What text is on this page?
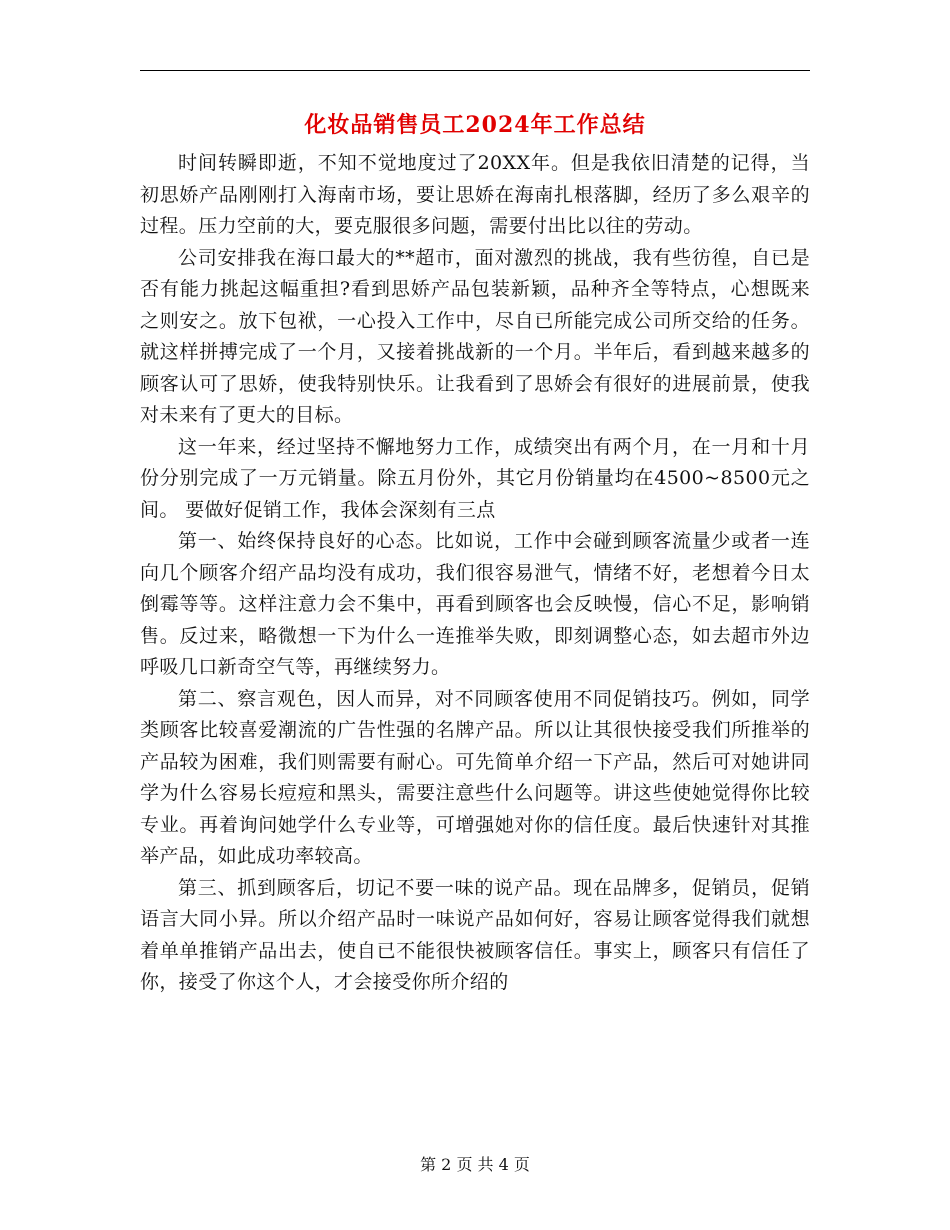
化妆品销售员工2024年工作总结

时间转瞬即逝，不知不觉地度过了20XX年。但是我依旧清楚的记得，当初思娇产品刚刚打入海南市场，要让思娇在海南扎根落脚，经历了多么艰辛的过程。压力空前的大，要克服很多问题，需要付出比以往的劳动。

公司安排我在海口最大的**超市，面对激烈的挑战，我有些彷徨，自已是否有能力挑起这幅重担?看到思娇产品包装新颖，品种齐全等特点，心想既来之则安之。放下包袱，一心投入工作中，尽自已所能完成公司所交给的任务。就这样拼搏完成了一个月，又接着挑战新的一个月。半年后，看到越来越多的顾客认可了思娇，使我特别快乐。让我看到了思娇会有很好的进展前景，使我对未来有了更大的目标。

这一年来，经过坚持不懈地努力工作，成绩突出有两个月，在一月和十月份分别完成了一万元销量。除五月份外，其它月份销量均在4500~8500元之间。 要做好促销工作，我体会深刻有三点

第一、始终保持良好的心态。比如说，工作中会碰到顾客流量少或者一连向几个顾客介绍产品均没有成功，我们很容易泄气，情绪不好，老想着今日太倒霉等等。这样注意力会不集中，再看到顾客也会反映慢，信心不足，影响销售。反过来，略微想一下为什么一连推举失败，即刻调整心态，如去超市外边呼吸几口新奇空气等，再继续努力。

第二、察言观色，因人而异，对不同顾客使用不同促销技巧。例如，同学类顾客比较喜爱潮流的广告性强的名牌产品。所以让其很快接受我们所推举的产品较为困难，我们则需要有耐心。可先简单介绍一下产品，然后可对她讲同学为什么容易长痘痘和黑头，需要注意些什么问题等。讲这些使她觉得你比较专业。再着询问她学什么专业等，可增强她对你的信任度。最后快速针对其推举产品，如此成功率较高。

第三、抓到顾客后，切记不要一味的说产品。现在品牌多，促销员，促销语言大同小异。所以介绍产品时一味说产品如何好，容易让顾客觉得我们就想着单单推销产品出去，使自已不能很快被顾客信任。事实上，顾客只有信任了你，接受了你这个人，才会接受你所介绍的

第 2 页 共 4 页
